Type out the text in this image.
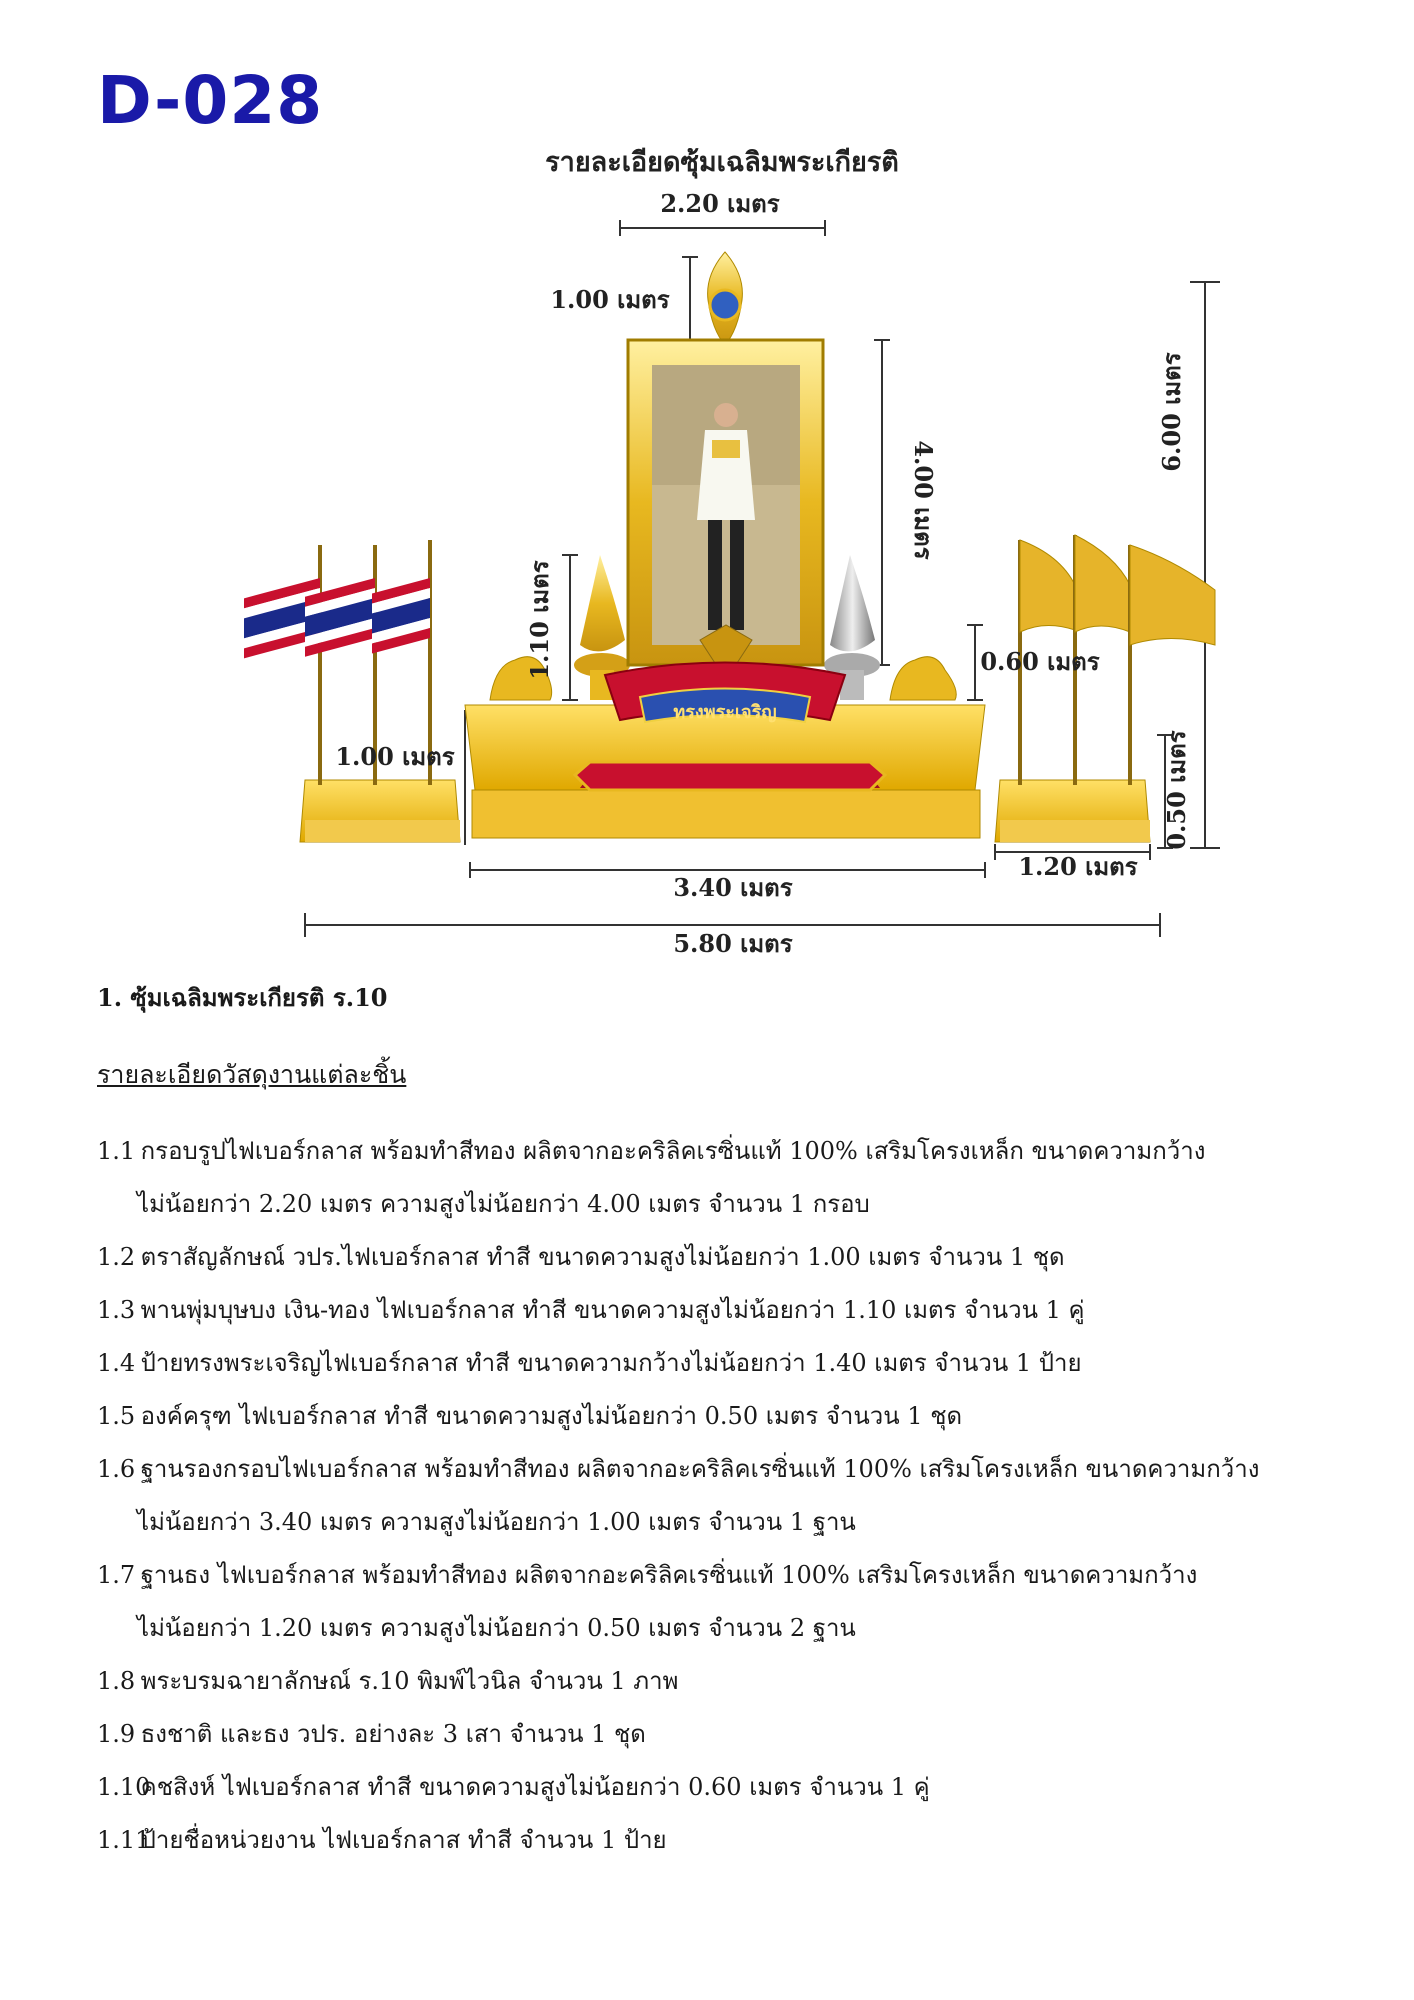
D-028
รายละเอียดซุ้มเฉลิมพระเกียรติ
ทรงพระเจริญ
2.20 เมตร
1.00 เมตร
4.00 เมตร
6.00 เมตร
1.10 เมตร	0.60 เมตร
1.00 เมตร	0.50 เมตร
1.20 เมตร
3.40 เมตร
5.80 เมตร
1. ซุ้มเฉลิมพระเกียรติ ร.10
รายละเอียดวัสดุงานแต่ละชิ้น
1.1 กรอบรูปไฟเบอร์กลาส พร้อมทำสีทอง ผลิตจากอะคริลิคเรซิ่นแท้ 100% เสริมโครงเหล็ก ขนาดความกว้าง
ไม่น้อยกว่า 2.20 เมตร ความสูงไม่น้อยกว่า 4.00 เมตร จำนวน 1 กรอบ
1.2 ตราสัญลักษณ์ วปร.ไฟเบอร์กลาส ทำสี ขนาดความสูงไม่น้อยกว่า 1.00 เมตร จำนวน 1 ชุด
1.3 พานพุ่มบุษบง เงิน-ทอง ไฟเบอร์กลาส ทำสี ขนาดความสูงไม่น้อยกว่า 1.10 เมตร จำนวน 1 คู่
1.4 ป้ายทรงพระเจริญไฟเบอร์กลาส ทำสี ขนาดความกว้างไม่น้อยกว่า 1.40 เมตร จำนวน 1 ป้าย
1.5 องค์ครุฑ ไฟเบอร์กลาส ทำสี ขนาดความสูงไม่น้อยกว่า 0.50 เมตร จำนวน 1 ชุด
1.6 ฐานรองกรอบไฟเบอร์กลาส พร้อมทำสีทอง ผลิตจากอะคริลิคเรซิ่นแท้ 100% เสริมโครงเหล็ก ขนาดความกว้าง
ไม่น้อยกว่า 3.40 เมตร ความสูงไม่น้อยกว่า 1.00 เมตร จำนวน 1 ฐาน
1.7 ฐานธง ไฟเบอร์กลาส พร้อมทำสีทอง ผลิตจากอะคริลิคเรซิ่นแท้ 100% เสริมโครงเหล็ก ขนาดความกว้าง
ไม่น้อยกว่า 1.20 เมตร ความสูงไม่น้อยกว่า 0.50 เมตร จำนวน 2 ฐาน
1.8 พระบรมฉายาลักษณ์ ร.10 พิมพ์ไวนิล จำนวน 1 ภาพ
1.9 ธงชาติ และธง วปร. อย่างละ 3 เสา จำนวน 1 ชุด
1.10 คชสิงห์ ไฟเบอร์กลาส ทำสี ขนาดความสูงไม่น้อยกว่า 0.60 เมตร จำนวน 1 คู่
1.11 ป้ายชื่อหน่วยงาน ไฟเบอร์กลาส ทำสี จำนวน 1 ป้าย
